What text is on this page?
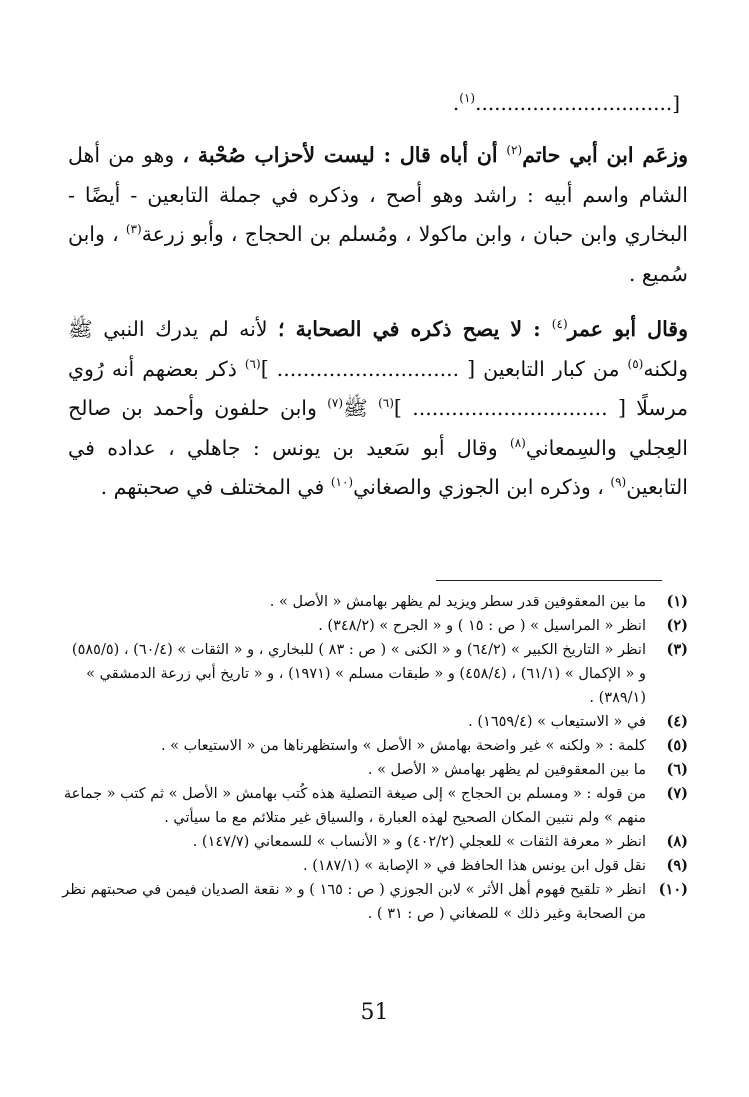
[...............................$^{(١)}$.

وزعَم ابن أبي حاتم$^{(٢)}$ أن أباه قال : ليست لأحزاب صُحْبة ، وهو من أهل الشام واسم أبيه : راشد وهو أصح ، وذكره في جملة التابعين - أيضًا - البخاري وابن حبان ، وابن ماكولا ، ومُسلم بن الحجاج ، وأبو زرعة$^{(٣)}$ ، وابن سُميع .

وقال أبو عمر$^{(٤)}$ : لا يصح ذكره في الصحابة ؛ لأنه لم يدرك النبي ﷺ ولكنه$^{(٥)}$ من كبار التابعين [ ............................ ]$^{(٦)}$ ذكر بعضهم أنه رُوي مرسلًا [ .............................. ]$^{(٦)}$ ﷺ$^{(٧)}$ وابن حلفون وأحمد بن صالح العِجلي والسِمعاني$^{(٨)}$ وقال أبو سَعيد بن يونس : جاهلي ، عداده في التابعين$^{(٩)}$ ، وذكره ابن الجوزي والصغاني$^{(١٠)}$ في المختلف في صحبتهم .

(١)
ما بين المعقوفين قدر سطر ويزيد لم يظهر بهامش « الأصل » .
(٢)
انظر « المراسيل » ( ص : ١٥ ) و « الجرح » (٣٤٨/٢) .
(٣)
انظر « التاريخ الكبير » (٦٤/٢) و « الكنى » ( ص : ٨٣ ) للبخاري ، و « الثقات » (٦٠/٤) ، (٥٨٥/٥) و « الإكمال » (٦١/١) ، (٤٥٨/٤) و « طبقات مسلم » (١٩٧١) ، و « تاريخ أبي زرعة الدمشقي » (٣٨٩/١) .
(٤)
في « الاستيعاب » (١٦٥٩/٤) .
(٥)
كلمة : « ولكنه » غير واضحة بهامش « الأصل » واستظهرناها من « الاستيعاب » .
(٦)
ما بين المعقوفين لم يظهر بهامش « الأصل » .
(٧)
من قوله : « ومسلم بن الحجاج » إلى صيغة التصلية هذه كُتب بهامش « الأصل » ثم كتب « جماعة منهم » ولم نتبين المكان الصحيح لهذه العبارة ، والسياق غير متلائم مع ما سيأتي .
(٨)
انظر « معرفة الثقات » للعجلي (٤٠٢/٢) و « الأنساب » للسمعاني (١٤٧/٧) .
(٩)
نقل قول ابن يونس هذا الحافظ في « الإصابة » (١٨٧/١) .
(١٠)
انظر « تلقيح فهوم أهل الأثر » لابن الجوزي ( ص : ١٦٥ ) و « نقعة الصديان فيمن في صحبتهم نظر من الصحابة وغير ذلك » للصغاني ( ص : ٣١ ) .
51
